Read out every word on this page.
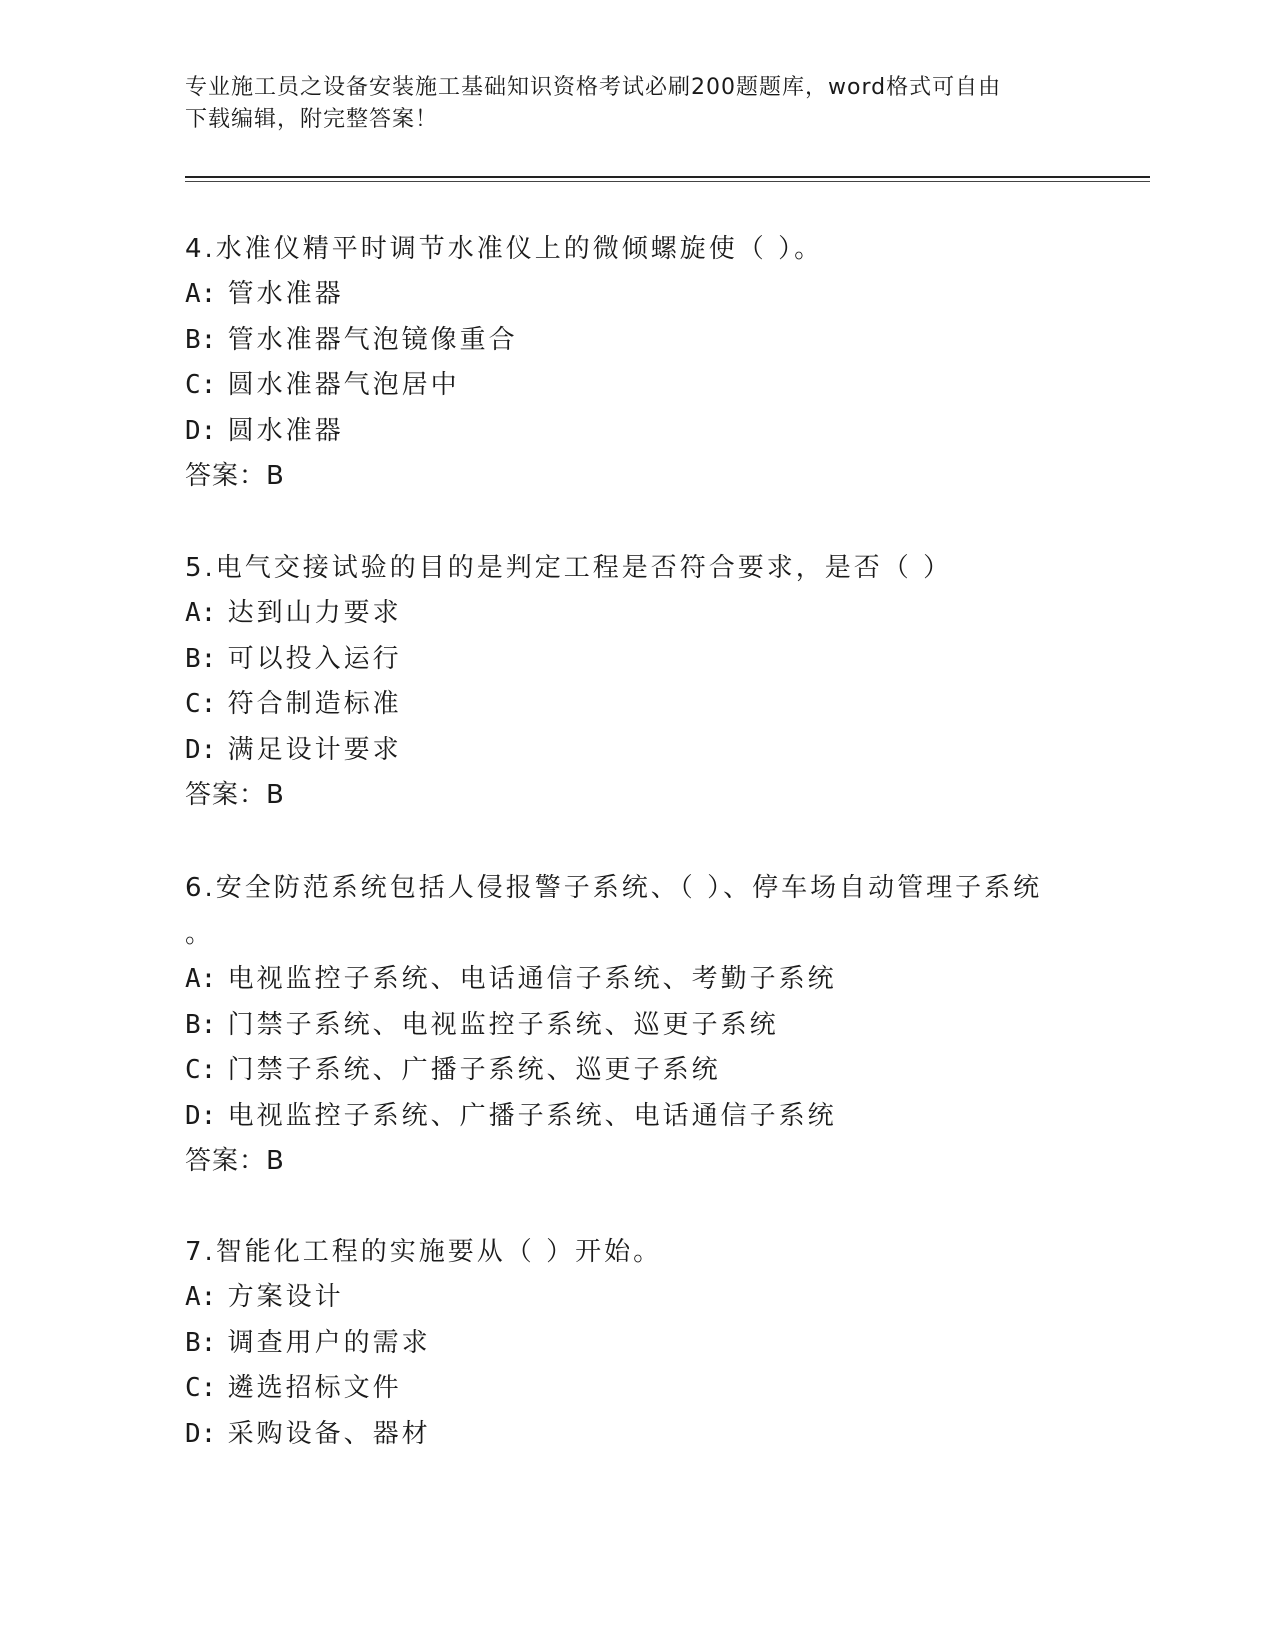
专业施工员之设备安装施工基础知识资格考试必刷200题题库，word格式可自由
下载编辑，附完整答案！

4.水准仪精平时调节水准仪上的微倾螺旋使（ ）。

A: 管水准器

B: 管水准器气泡镜像重合

C: 圆水准器气泡居中

D: 圆水准器

答案：B

5.电气交接试验的目的是判定工程是否符合要求，是否（ ）

A: 达到山力要求

B: 可以投入运行

C: 符合制造标准

D: 满足设计要求

答案：B

6.安全防范系统包括人侵报警子系统、（ ）、停车场自动管理子系统

。

A: 电视监控子系统、电话通信子系统、考勤子系统

B: 门禁子系统、电视监控子系统、巡更子系统

C: 门禁子系统、广播子系统、巡更子系统

D: 电视监控子系统、广播子系统、电话通信子系统

答案：B

7.智能化工程的实施要从（ ）开始。

A: 方案设计

B: 调查用户的需求

C: 遴选招标文件

D: 采购设备、器材
